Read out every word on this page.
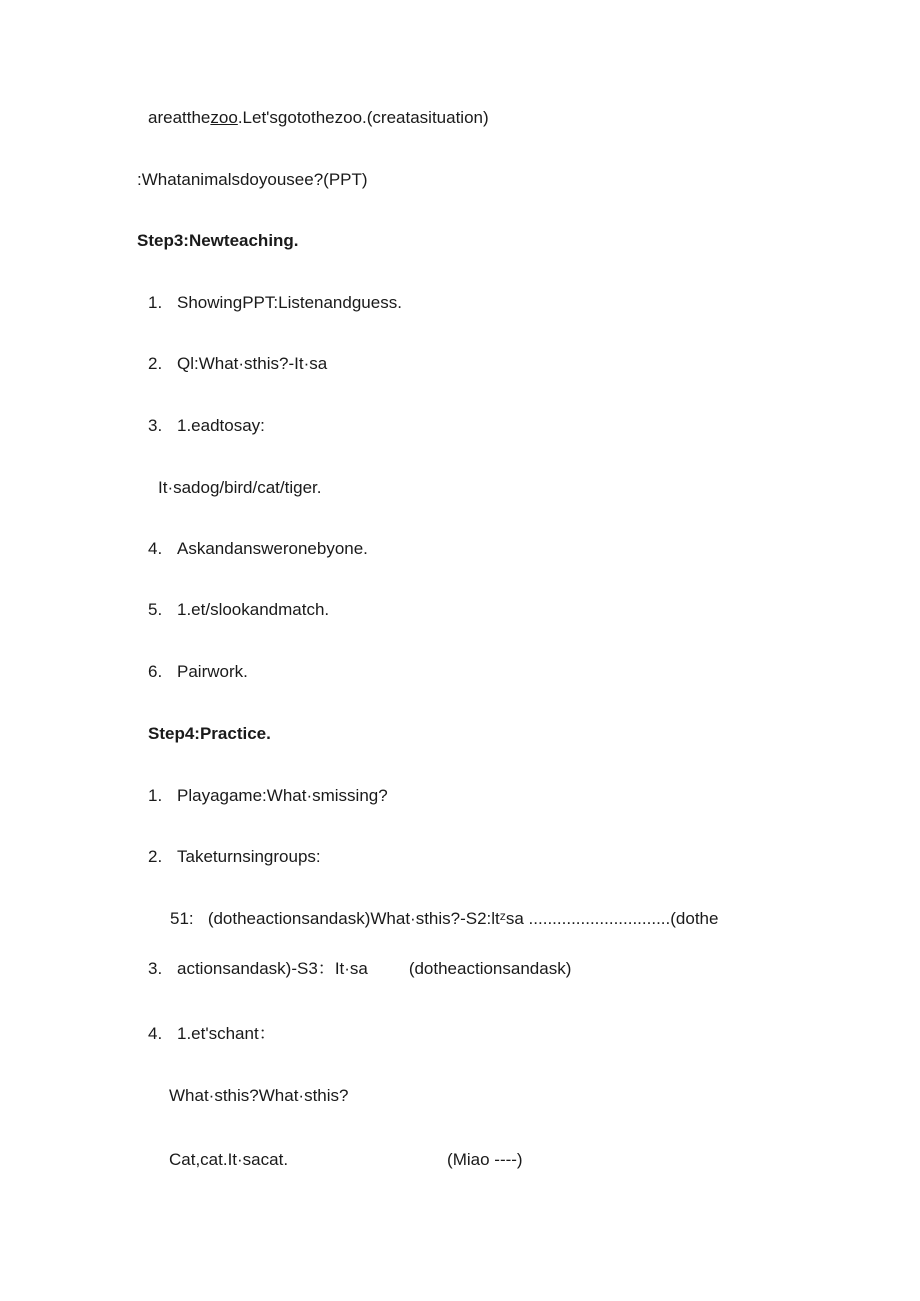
areatthezoo.Let'sgotothezoo.(creatasituation)
:Whatanimalsdoyousee?(PPT)
Step3:Newteaching.
1. ShowingPPT:Listenandguess.
2. Ql:What·sthis?-It·sa
3. 1.eadtosay:
It·sadog/bird/cat/tiger.
4. Askandansweronebyone.
5. 1.et/slookandmatch.
6. Pairwork.
Step4:Practice.
1. Playagame:What·smissing?
2. Taketurnsingroups:
51: (dotheactionsandask)What·sthis?-S2:ltᶻsa ..............................(dothe
3. actionsandask)-S3：It·sa (dotheactionsandask)
4. 1.et'schant：
What·sthis?What·sthis?
Cat,cat.It·sacat.	(Miao ----)
